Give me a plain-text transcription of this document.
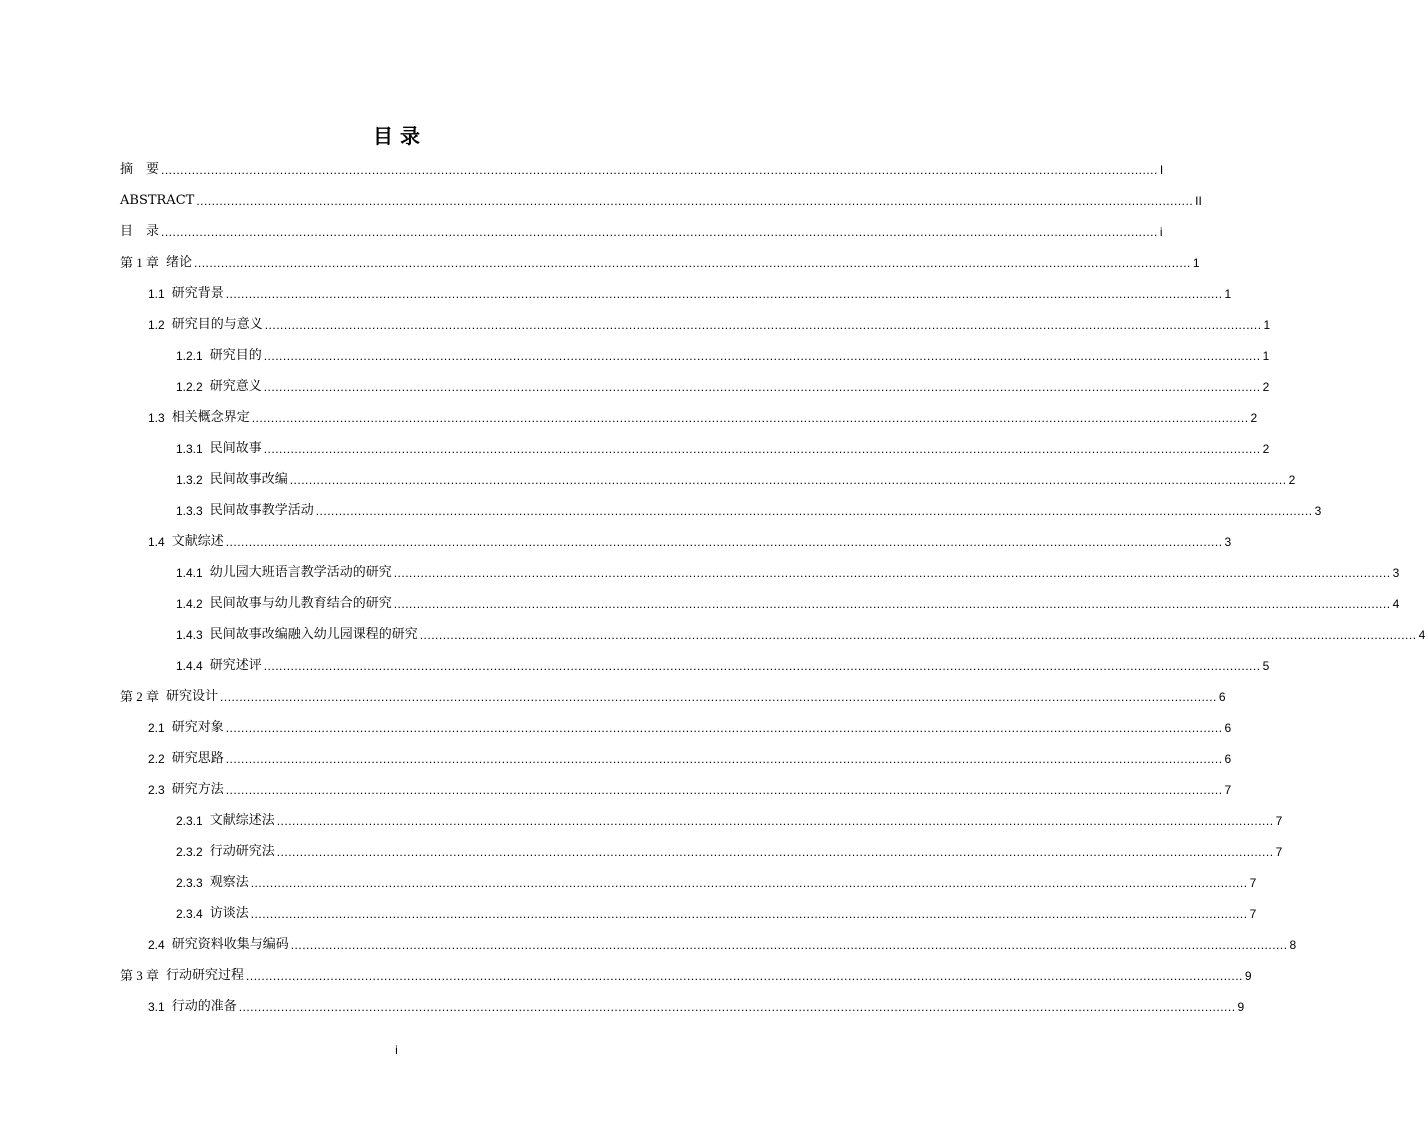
目 录
摘　要 .................................................................................................................................................................................................................................................................... I
ABSTRACT .................................................................................................................................................................................................................................................................... II
目　录 .................................................................................................................................................................................................................................................................... i
第 1 章 绪论 .................................................................................................................................................................................................................................................................... 1
1.1 研究背景 .................................................................................................................................................................................................................................................................... 1
1.2 研究目的与意义 .................................................................................................................................................................................................................................................................... 1
1.2.1 研究目的 .................................................................................................................................................................................................................................................................... 1
1.2.2 研究意义 .................................................................................................................................................................................................................................................................... 2
1.3 相关概念界定 .................................................................................................................................................................................................................................................................... 2
1.3.1 民间故事 .................................................................................................................................................................................................................................................................... 2
1.3.2 民间故事改编 .................................................................................................................................................................................................................................................................... 2
1.3.3 民间故事教学活动 .................................................................................................................................................................................................................................................................... 3
1.4 文献综述 .................................................................................................................................................................................................................................................................... 3
1.4.1 幼儿园大班语言教学活动的研究 .................................................................................................................................................................................................................................................................... 3
1.4.2 民间故事与幼儿教育结合的研究 .................................................................................................................................................................................................................................................................... 4
1.4.3 民间故事改编融入幼儿园课程的研究 .................................................................................................................................................................................................................................................................... 4
1.4.4 研究述评 .................................................................................................................................................................................................................................................................... 5
第 2 章 研究设计 .................................................................................................................................................................................................................................................................... 6
2.1 研究对象 .................................................................................................................................................................................................................................................................... 6
2.2 研究思路 .................................................................................................................................................................................................................................................................... 6
2.3 研究方法 .................................................................................................................................................................................................................................................................... 7
2.3.1 文献综述法 .................................................................................................................................................................................................................................................................... 7
2.3.2 行动研究法 .................................................................................................................................................................................................................................................................... 7
2.3.3 观察法 .................................................................................................................................................................................................................................................................... 7
2.3.4 访谈法 .................................................................................................................................................................................................................................................................... 7
2.4 研究资料收集与编码 .................................................................................................................................................................................................................................................................... 8
第 3 章 行动研究过程 .................................................................................................................................................................................................................................................................... 9
3.1 行动的准备 .................................................................................................................................................................................................................................................................... 9
i
